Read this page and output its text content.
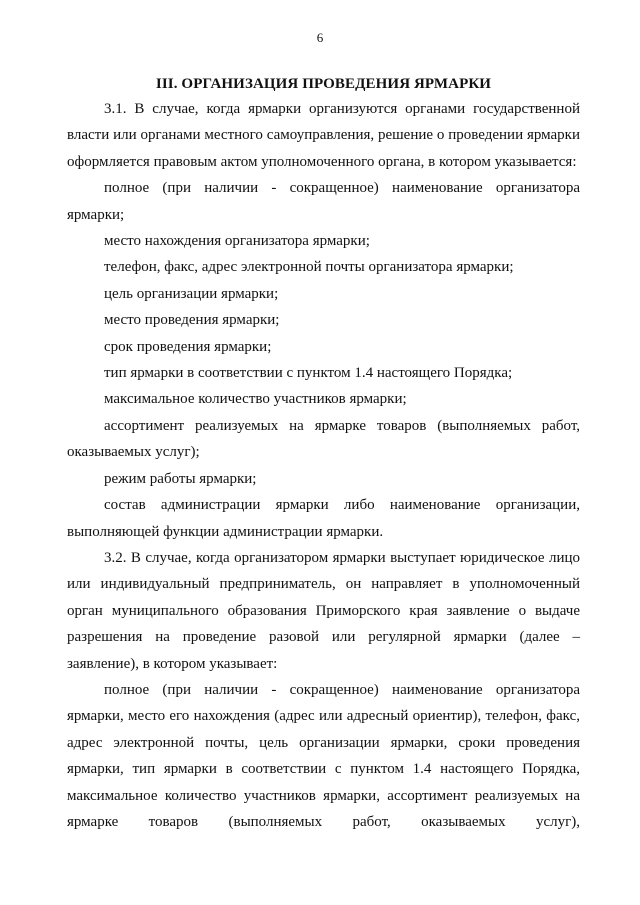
6
III. ОРГАНИЗАЦИЯ ПРОВЕДЕНИЯ ЯРМАРКИ

3.1. В случае, когда ярмарки организуются органами государственной власти или органами местного самоуправления, решение о проведении ярмарки оформляется правовым актом уполномоченного органа, в котором указывается:

полное (при наличии - сокращенное) наименование организатора ярмарки;

место нахождения организатора ярмарки;

телефон, факс, адрес электронной почты организатора ярмарки;

цель организации ярмарки;

место проведения ярмарки;

срок проведения ярмарки;

тип ярмарки в соответствии с пунктом 1.4 настоящего Порядка;

максимальное количество участников ярмарки;

ассортимент реализуемых на ярмарке товаров (выполняемых работ, оказываемых услуг);

режим работы ярмарки;

состав администрации ярмарки либо наименование организации, выполняющей функции администрации ярмарки.

3.2. В случае, когда организатором ярмарки выступает юридическое лицо или индивидуальный предприниматель, он направляет в уполномоченный орган муниципального образования Приморского края заявление о выдаче разрешения на проведение разовой или регулярной ярмарки (далее – заявление), в котором указывает:

полное (при наличии - сокращенное) наименование организатора ярмарки, место его нахождения (адрес или адресный ориентир), телефон, факс, адрес электронной почты, цель организации ярмарки, сроки проведения ярмарки, тип ярмарки в соответствии с пунктом 1.4 настоящего Порядка, максимальное количество участников ярмарки, ассортимент реализуемых на ярмарке товаров (выполняемых работ, оказываемых услуг),
